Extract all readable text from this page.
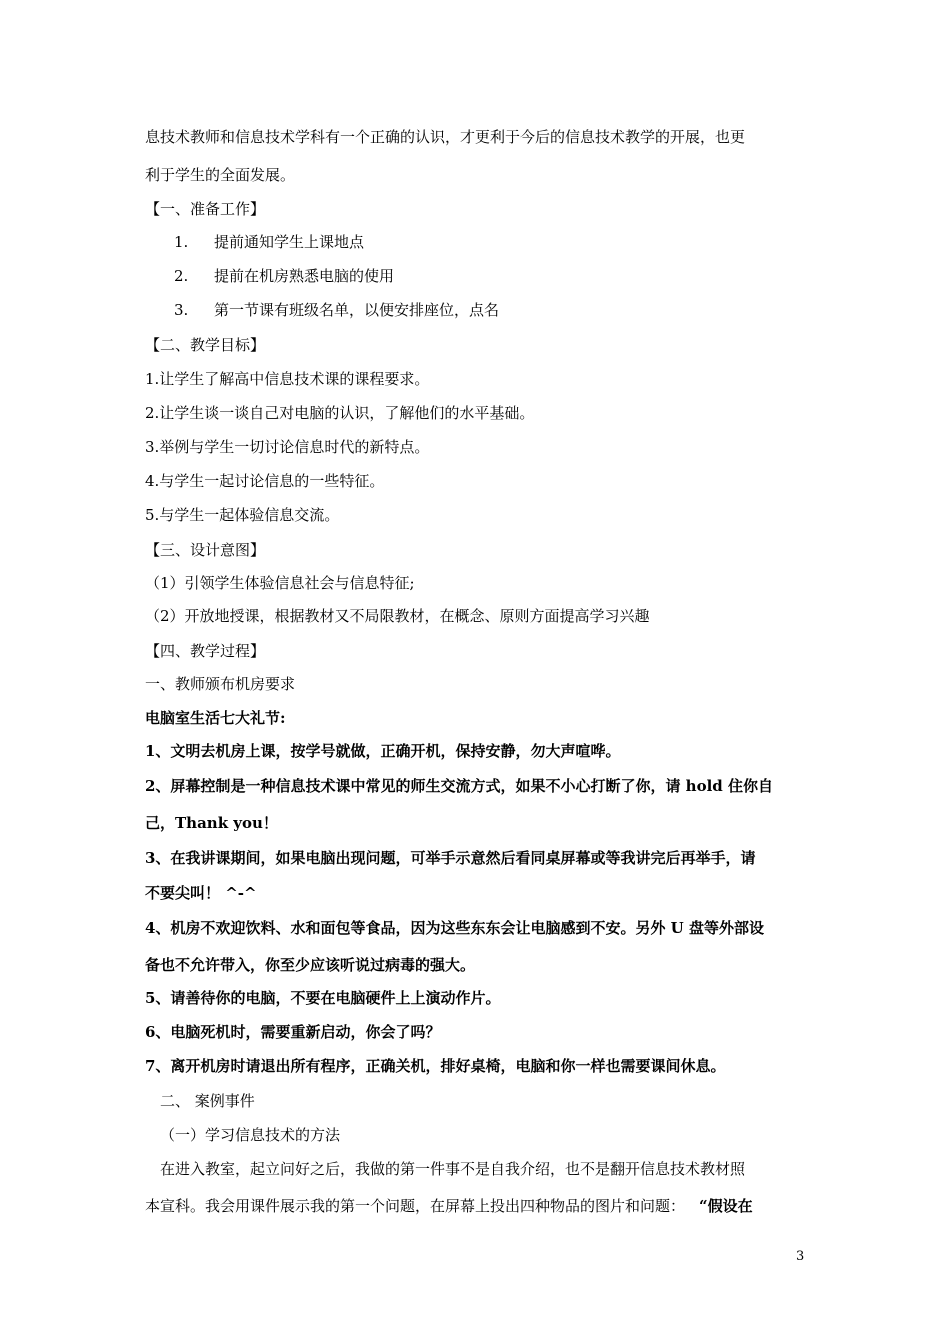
息技术教师和信息技术学科有一个正确的认识，才更利于今后的信息技术教学的开展，也更
利于学生的全面发展。
【一、准备工作】
1. 提前通知学生上课地点
2. 提前在机房熟悉电脑的使用
3. 第一节课有班级名单，以便安排座位，点名
【二、教学目标】
1.让学生了解高中信息技术课的课程要求。
2.让学生谈一谈自己对电脑的认识，了解他们的水平基础。
3.举例与学生一切讨论信息时代的新特点。
4.与学生一起讨论信息的一些特征。
5.与学生一起体验信息交流。
【三、设计意图】
（1）引领学生体验信息社会与信息特征;
（2）开放地授课，根据教材又不局限教材，在概念、原则方面提高学习兴趣
【四、教学过程】
一、教师颁布机房要求
电脑室生活七大礼节:
1、文明去机房上课，按学号就做，正确开机，保持安静，勿大声喧哗。
2、屏幕控制是一种信息技术课中常见的师生交流方式，如果不小心打断了你，请 hold 住你自
己，Thank you！
3、在我讲课期间，如果电脑出现问题，可举手示意然后看同桌屏幕或等我讲完后再举手，请
不要尖叫！ ^-^
4、机房不欢迎饮料、水和面包等食品，因为这些东东会让电脑感到不安。另外 U 盘等外部设
备也不允许带入，你至少应该听说过病毒的强大。
5、请善待你的电脑，不要在电脑硬件上上演动作片。
6、电脑死机时，需要重新启动，你会了吗？
7、离开机房时请退出所有程序，正确关机，排好桌椅，电脑和你一样也需要课间休息。
二、 案例事件
（一）学习信息技术的方法
在进入教室，起立问好之后，我做的第一件事不是自我介绍，也不是翻开信息技术教材照
本宣科。我会用课件展示我的第一个问题，在屏幕上投出四种物品的图片和问题： “假设在
3
